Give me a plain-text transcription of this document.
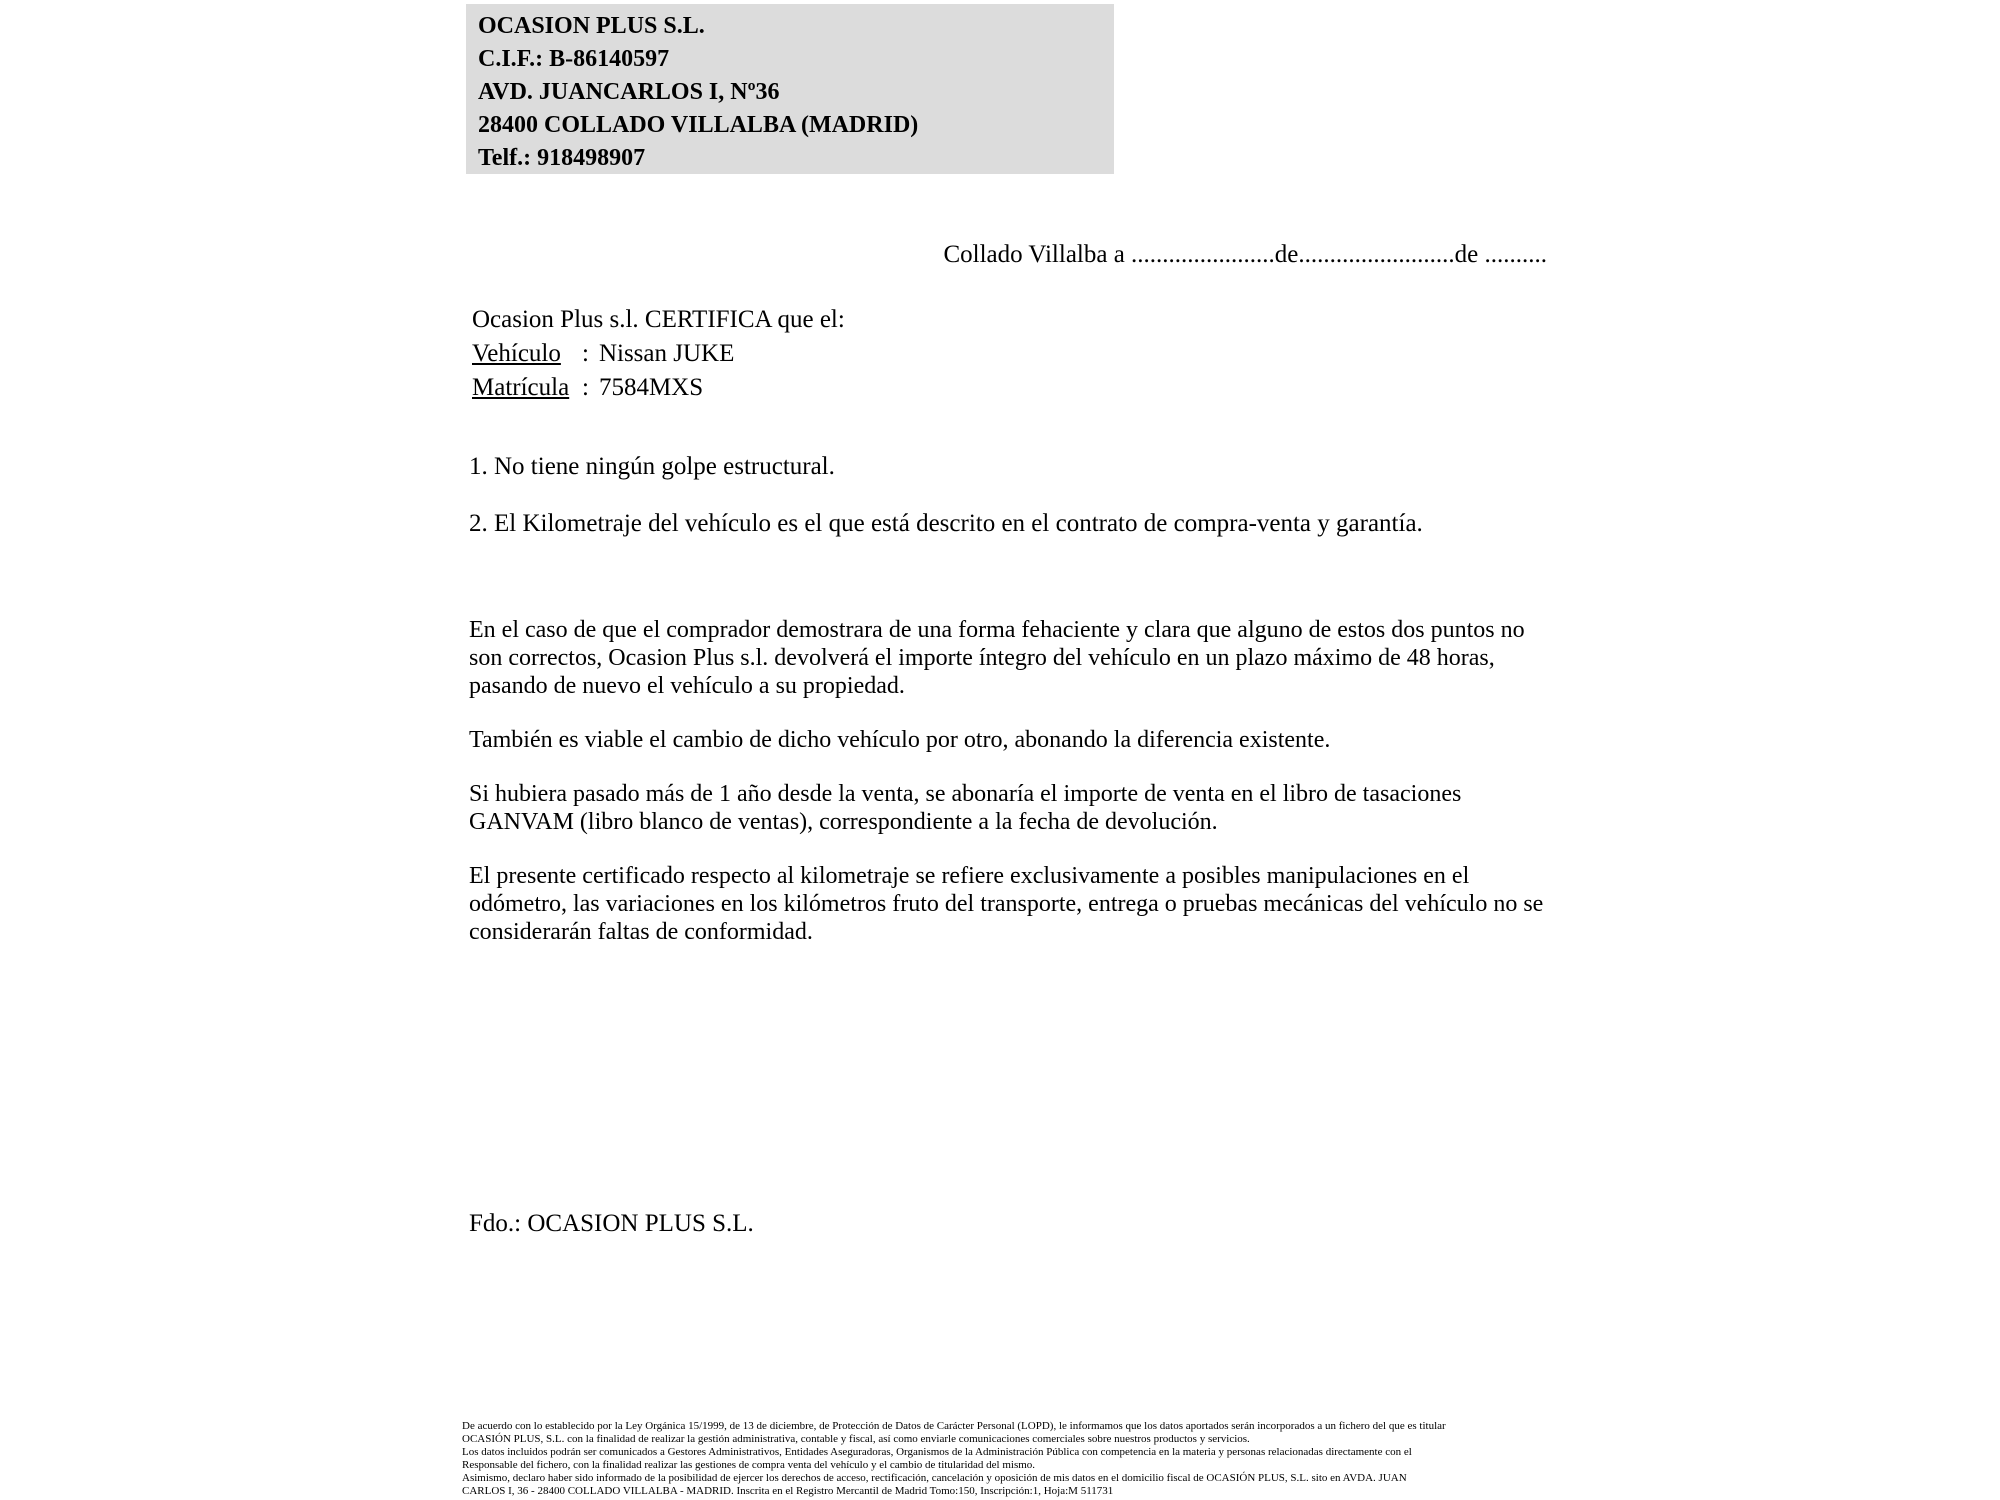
OCASION PLUS S.L.
C.I.F.: B-86140597
AVD. JUANCARLOS I, Nº36
28400 COLLADO VILLALBA (MADRID)
Telf.: 918498907
Collado Villalba a .......................de.........................de ..........
Ocasion Plus s.l. CERTIFICA que el:
Vehículo : Nissan JUKE
Matrícula : 7584MXS
1. No tiene ningún golpe estructural.
2. El Kilometraje del vehículo es el que está descrito en el contrato de compra-venta y garantía.

En el caso de que el comprador demostrara de una forma fehaciente y clara que alguno de estos dos puntos no son correctos, Ocasion Plus s.l. devolverá el importe íntegro del vehículo en un plazo máximo de 48 horas, pasando de nuevo el vehículo a su propiedad.

También es viable el cambio de dicho vehículo por otro, abonando la diferencia existente.

Si hubiera pasado más de 1 año desde la venta, se abonaría el importe de venta en el libro de tasaciones GANVAM (libro blanco de ventas), correspondiente a la fecha de devolución.

El presente certificado respecto al kilometraje se refiere exclusivamente a posibles manipulaciones en el odómetro, las variaciones en los kilómetros fruto del transporte, entrega o pruebas mecánicas del vehículo no se considerarán faltas de conformidad.

Fdo.: OCASION PLUS S.L.
De acuerdo con lo establecido por la Ley Orgánica 15/1999, de 13 de diciembre, de Protección de Datos de Carácter Personal (LOPD), le informamos que los datos aportados serán incorporados a un fichero del que es titular
OCASIÓN PLUS, S.L. con la finalidad de realizar la gestión administrativa, contable y fiscal, así como enviarle comunicaciones comerciales sobre nuestros productos y servicios.
Los datos incluidos podrán ser comunicados a Gestores Administrativos, Entidades Aseguradoras, Organismos de la Administración Pública con competencia en la materia y personas relacionadas directamente con el
Responsable del fichero, con la finalidad realizar las gestiones de compra venta del vehículo y el cambio de titularidad del mismo.
Asimismo, declaro haber sido informado de la posibilidad de ejercer los derechos de acceso, rectificación, cancelación y oposición de mis datos en el domicilio fiscal de OCASIÓN PLUS, S.L. sito en AVDA. JUAN
CARLOS I, 36 - 28400 COLLADO VILLALBA - MADRID. Inscrita en el Registro Mercantil de Madrid Tomo:150, Inscripción:1, Hoja:M 511731
